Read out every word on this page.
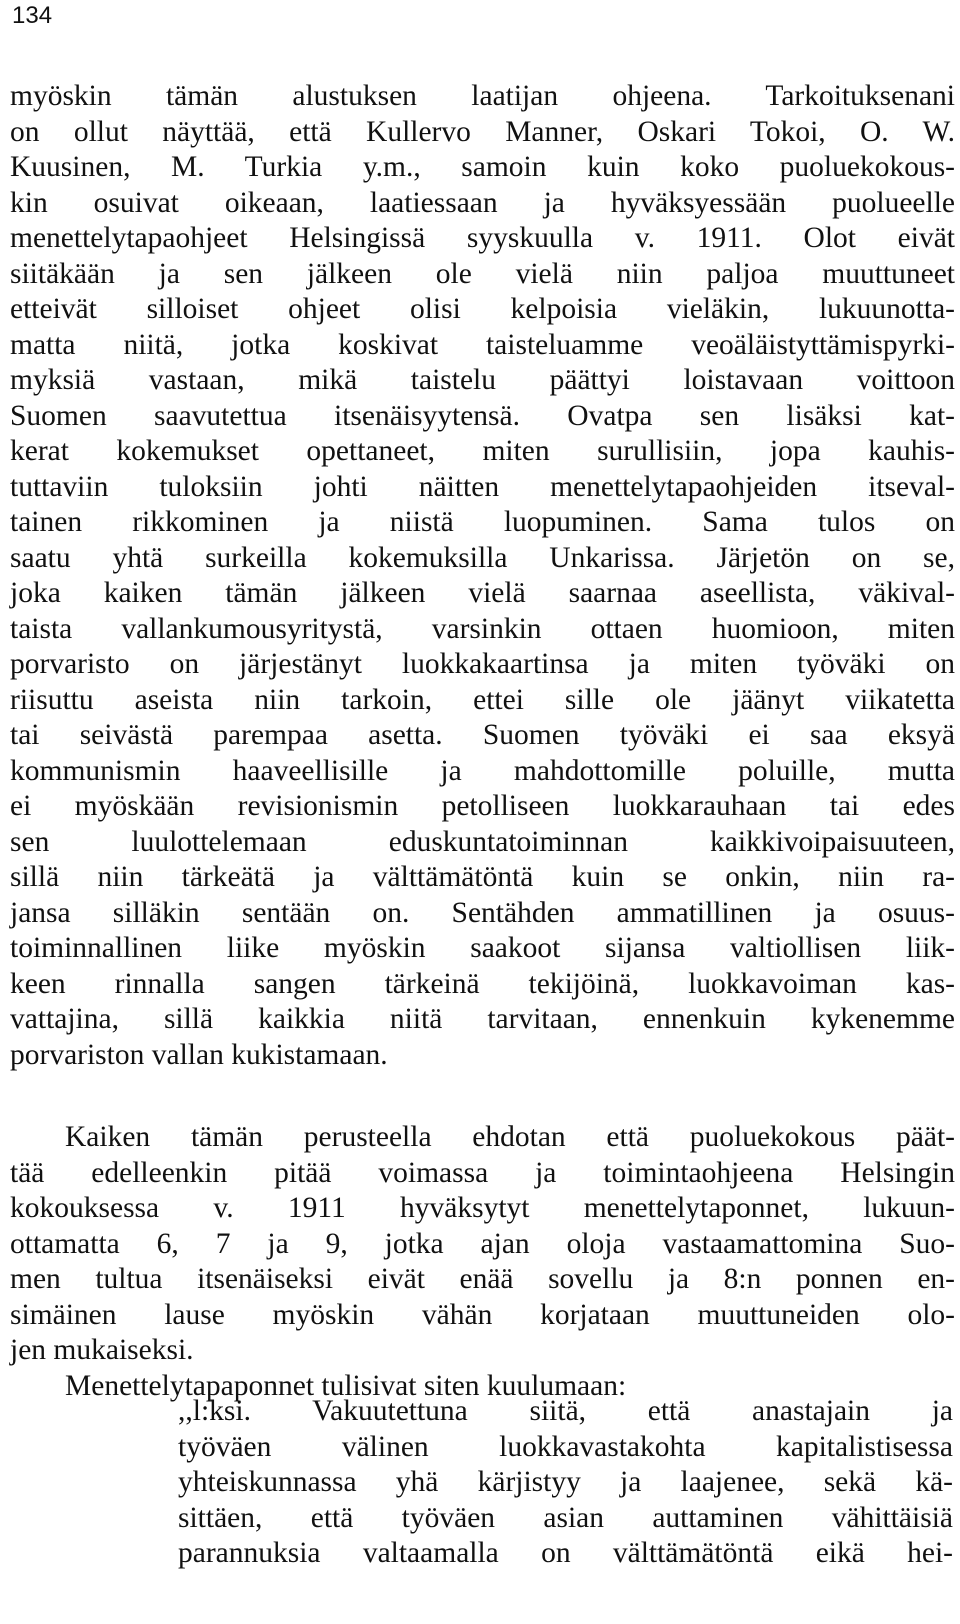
134
myöskin tämän alustuksen laatijan ohjeena. Tarkoituksenani
on ollut näyttää, että Kullervo Manner, Oskari Tokoi, O. W.
Kuusinen, M. Turkia y.m., samoin kuin koko puoluekokous-
kin osuivat oikeaan, laatiessaan ja hyväksyessään puolueelle
menettelytapaohjeet Helsingissä syyskuulla v. 1911. Olot eivät
siitäkään ja sen jälkeen ole vielä niin paljoa muuttuneet
etteivät silloiset ohjeet olisi kelpoisia vieläkin, lukuunotta-
matta niitä, jotka koskivat taisteluamme veoäläistyttämispyrki-
myksiä vastaan, mikä taistelu päättyi loistavaan voittoon
Suomen saavutettua itsenäisyytensä. Ovatpa sen lisäksi kat-
kerat kokemukset opettaneet, miten surullisiin, jopa kauhis-
tuttaviin tuloksiin johti näitten menettelytapaohjeiden itseval-
tainen rikkominen ja niistä luopuminen. Sama tulos on
saatu yhtä surkeilla kokemuksilla Unkarissa. Järjetön on se,
joka kaiken tämän jälkeen vielä saarnaa aseellista, väkival-
taista vallankumousyritystä, varsinkin ottaen huomioon, miten
porvaristo on järjestänyt luokkakaartinsa ja miten työväki on
riisuttu aseista niin tarkoin, ettei sille ole jäänyt viikatetta
tai seivästä parempaa asetta. Suomen työväki ei saa eksyä
kommunismin haaveellisille ja mahdottomille poluille, mutta
ei myöskään revisionismin petolliseen luokkarauhaan tai edes
sen luulottelemaan eduskuntatoiminnan kaikkivoipaisuuteen,
sillä niin tärkeätä ja välttämätöntä kuin se onkin, niin ra-
jansa silläkin sentään on. Sentähden ammatillinen ja osuus-
toiminnallinen liike myöskin saakoot sijansa valtiollisen liik-
keen rinnalla sangen tärkeinä tekijöinä, luokkavoiman kas-
vattajina, sillä kaikkia niitä tarvitaan, ennenkuin kykenemme
porvariston vallan kukistamaan.
Kaiken tämän perusteella ehdotan että puoluekokous päät-
tää edelleenkin pitää voimassa ja toimintaohjeena Helsingin
kokouksessa v. 1911 hyväksytyt menettelytaponnet, lukuun-
ottamatta 6, 7 ja 9, jotka ajan oloja vastaamattomina Suo-
men tultua itsenäiseksi eivät enää sovellu ja 8:n ponnen en-
simäinen lause myöskin vähän korjataan muuttuneiden olo-
jen mukaiseksi.
Menettelytapaponnet tulisivat siten kuulumaan:
,,l:ksi. Vakuutettuna siitä, että anastajain ja
työväen välinen luokkavastakohta kapitalistisessa
yhteiskunnassa yhä kärjistyy ja laajenee, sekä kä-
sittäen, että työväen asian auttaminen vähittäisiä
parannuksia valtaamalla on välttämätöntä eikä hei-
